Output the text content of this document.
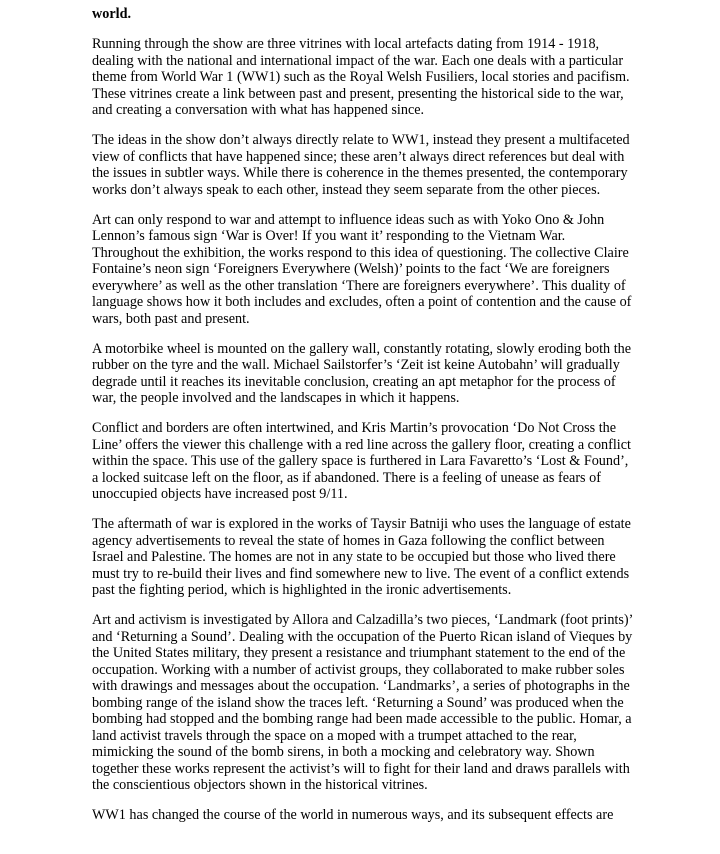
world.

Running through the show are three vitrines with local artefacts dating from 1914 - 1918, dealing with the national and international impact of the war. Each one deals with a particular theme from World War 1 (WW1) such as the Royal Welsh Fusiliers, local stories and pacifism. These vitrines create a link between past and present, presenting the historical side to the war, and creating a conversation with what has happened since.

The ideas in the show don’t always directly relate to WW1, instead they present a multifaceted view of conflicts that have happened since; these aren’t always direct references but deal with the issues in subtler ways. While there is coherence in the themes presented, the contemporary works don’t always speak to each other, instead they seem separate from the other pieces.

Art can only respond to war and attempt to influence ideas such as with Yoko Ono & John Lennon’s famous sign ‘War is Over! If you want it’ responding to the Vietnam War. Throughout the exhibition, the works respond to this idea of questioning. The collective Claire Fontaine’s neon sign ‘Foreigners Everywhere (Welsh)’ points to the fact ‘We are foreigners everywhere’ as well as the other translation ‘There are foreigners everywhere’. This duality of language shows how it both includes and excludes, often a point of contention and the cause of wars, both past and present.

A motorbike wheel is mounted on the gallery wall, constantly rotating, slowly eroding both the rubber on the tyre and the wall. Michael Sailstorfer’s ‘Zeit ist keine Autobahn’ will gradually degrade until it reaches its inevitable conclusion, creating an apt metaphor for the process of war, the people involved and the landscapes in which it happens.

Conflict and borders are often intertwined, and Kris Martin’s provocation ‘Do Not Cross the Line’ offers the viewer this challenge with a red line across the gallery floor, creating a conflict within the space. This use of the gallery space is furthered in Lara Favaretto’s ‘Lost & Found’, a locked suitcase left on the floor, as if abandoned. There is a feeling of unease as fears of unoccupied objects have increased post 9/11.

The aftermath of war is explored in the works of Taysir Batniji who uses the language of estate agency advertisements to reveal the state of homes in Gaza following the conflict between Israel and Palestine. The homes are not in any state to be occupied but those who lived there must try to re-build their lives and find somewhere new to live. The event of a conflict extends past the fighting period, which is highlighted in the ironic advertisements.

Art and activism is investigated by Allora and Calzadilla’s two pieces, ‘Landmark (foot prints)’ and ‘Returning a Sound’. Dealing with the occupation of the Puerto Rican island of Vieques by the United States military, they present a resistance and triumphant statement to the end of the occupation. Working with a number of activist groups, they collaborated to make rubber soles with drawings and messages about the occupation. ‘Landmarks’, a series of photographs in the bombing range of the island show the traces left. ‘Returning a Sound’ was produced when the bombing had stopped and the bombing range had been made accessible to the public. Homar, a land activist travels through the space on a moped with a trumpet attached to the rear, mimicking the sound of the bomb sirens, in both a mocking and celebratory way. Shown together these works represent the activist’s will to fight for their land and draws parallels with the conscientious objectors shown in the historical vitrines.

WW1 has changed the course of the world in numerous ways, and its subsequent effects are
